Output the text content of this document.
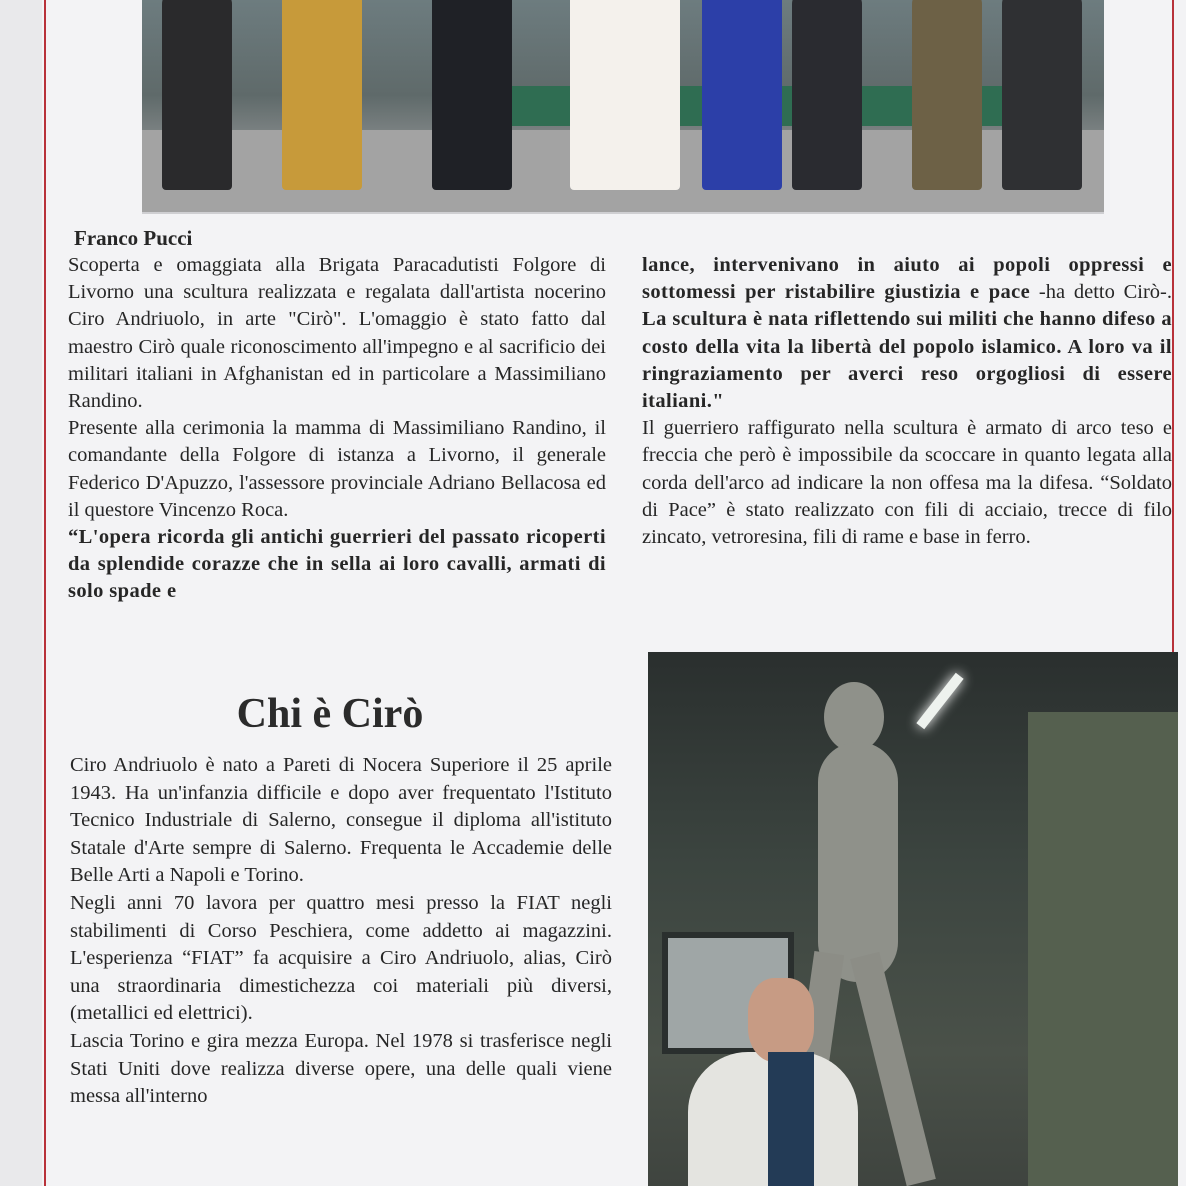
Franco Pucci
Scoperta e omaggiata alla Brigata Paracadutisti Folgore di Livorno una scultura realizzata e regalata dall'artista nocerino Ciro Andriuolo, in arte "Cirò". L'omaggio è stato fatto dal maestro Cirò quale riconoscimento all'impegno e al sacrificio dei militari italiani in Afghanistan ed in particolare a Massimiliano Randino.
Presente alla cerimonia la mamma di Massimiliano Randino, il comandante della Folgore di istanza a Livorno, il generale Federico D'Apuzzo, l'assessore provinciale Adriano Bellacosa ed il questore Vincenzo Roca.
“L'opera ricorda gli antichi guerrieri del passato ricoperti da splendide corazze che in sella ai loro cavalli, armati di solo spade e
lance, intervenivano in aiuto ai popoli oppressi e sottomessi per ristabilire giustizia e pace -ha detto Cirò-. La scultura è nata riflettendo sui militi che hanno difeso a costo della vita la libertà del popolo islamico. A loro va il ringraziamento per averci reso orgogliosi di essere italiani."
Il guerriero raffigurato nella scultura è armato di arco teso e freccia che però è impossibile da scoccare in quanto legata alla corda dell'arco ad indicare la non offesa ma la difesa. “Soldato di Pace” è stato realizzato con fili di acciaio, trecce di filo zincato, vetroresina, fili di rame e base in ferro.
Chi è Cirò
Ciro Andriuolo è nato a Pareti di Nocera Superiore il 25 aprile 1943. Ha un'infanzia difficile e dopo aver frequentato l'Istituto Tecnico Industriale di Salerno, consegue il diploma all'istituto Statale d'Arte sempre di Salerno. Frequenta le Accademie delle Belle Arti a Napoli e Torino.
Negli anni 70 lavora per quattro mesi presso la FIAT negli stabilimenti di Corso Peschiera, come addetto ai magazzini. L'esperienza “FIAT” fa acquisire a Ciro Andriuolo, alias, Cirò una straordinaria dimestichezza coi materiali più diversi, (metallici ed elettrici).
Lascia Torino e gira mezza Europa. Nel 1978 si trasferisce negli Stati Uniti dove realizza diverse opere, una delle quali viene messa all'interno
